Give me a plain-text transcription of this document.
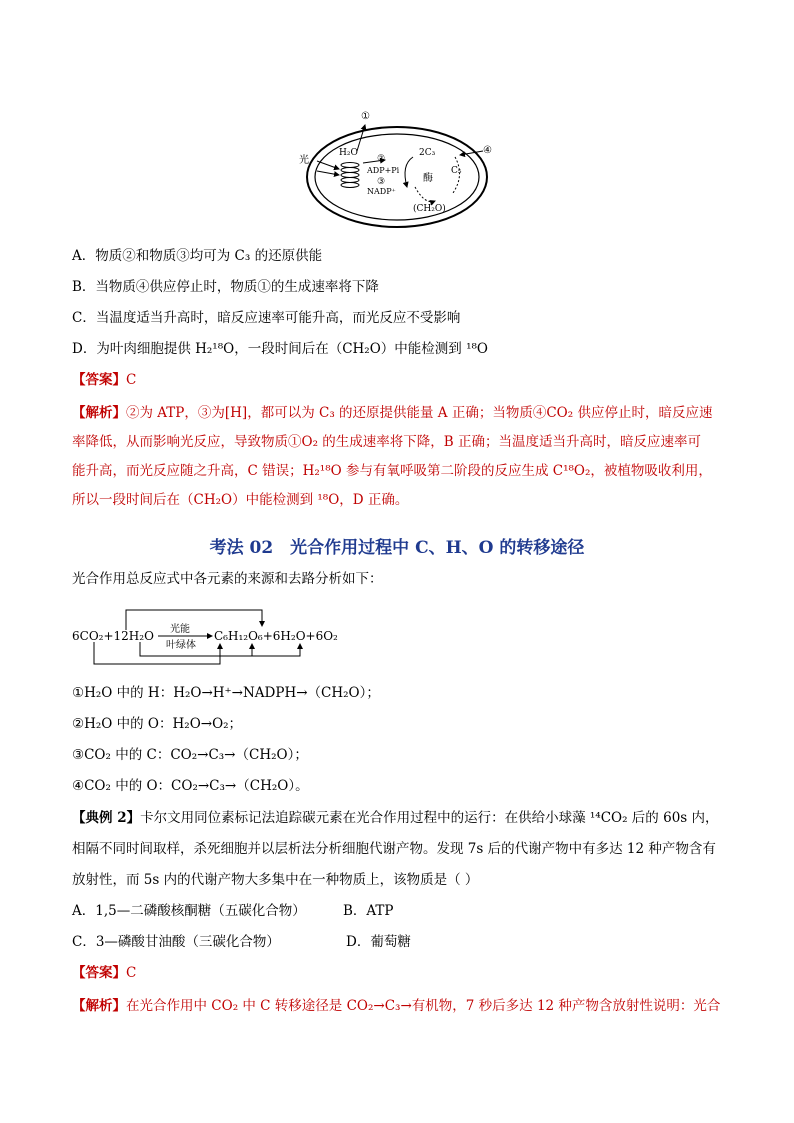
光
①
H₂O
②
ADP+Pi
③
NADP⁺
2C₃
酶
C₅
④
(CH₂O)
A．物质②和物质③均可为 C₃ 的还原供能
B．当物质④供应停止时，物质①的生成速率将下降
C．当温度适当升高时，暗反应速率可能升高，而光反应不受影响
D．为叶肉细胞提供 H₂¹⁸O，一段时间后在（CH₂O）中能检测到 ¹⁸O
【答案】C
【解析】②为 ATP，③为[H]，都可以为 C₃ 的还原提供能量 A 正确；当物质④CO₂ 供应停止时，暗反应速
率降低，从而影响光反应，导致物质①O₂ 的生成速率将下降，B 正确；当温度适当升高时，暗反应速率可
能升高，而光反应随之升高，C 错误；H₂¹⁸O 参与有氧呼吸第二阶段的反应生成 C¹⁸O₂，被植物吸收利用，
所以一段时间后在（CH₂O）中能检测到 ¹⁸O，D 正确。
考法 02　光合作用过程中 C、H、O 的转移途径
光合作用总反应式中各元素的来源和去路分析如下：
6CO₂+12H₂O 光能
叶绿体
C₆H₁₂O₆+6H₂O+6O₂
①H₂O 中的 H：H₂O→H⁺→NADPH→（CH₂O）；
②H₂O 中的 O：H₂O→O₂；
③CO₂ 中的 C：CO₂→C₃→（CH₂O）；
④CO₂ 中的 O：CO₂→C₃→（CH₂O）。
【典例 2】卡尔文用同位素标记法追踪碳元素在光合作用过程中的运行：在供给小球藻 ¹⁴CO₂ 后的 60s 内，
相隔不同时间取样，杀死细胞并以层析法分析细胞代谢产物。发现 7s 后的代谢产物中有多达 12 种产物含有
放射性，而 5s 内的代谢产物大多集中在一种物质上，该物质是（ ）
A．1,5—二磷酸核酮糖（五碳化合物）	B．ATP
C．3—磷酸甘油酸（三碳化合物）	D．葡萄糖
【答案】C
【解析】在光合作用中 CO₂ 中 C 转移途径是 CO₂→C₃→有机物，7 秒后多达 12 种产物含放射性说明：光合
